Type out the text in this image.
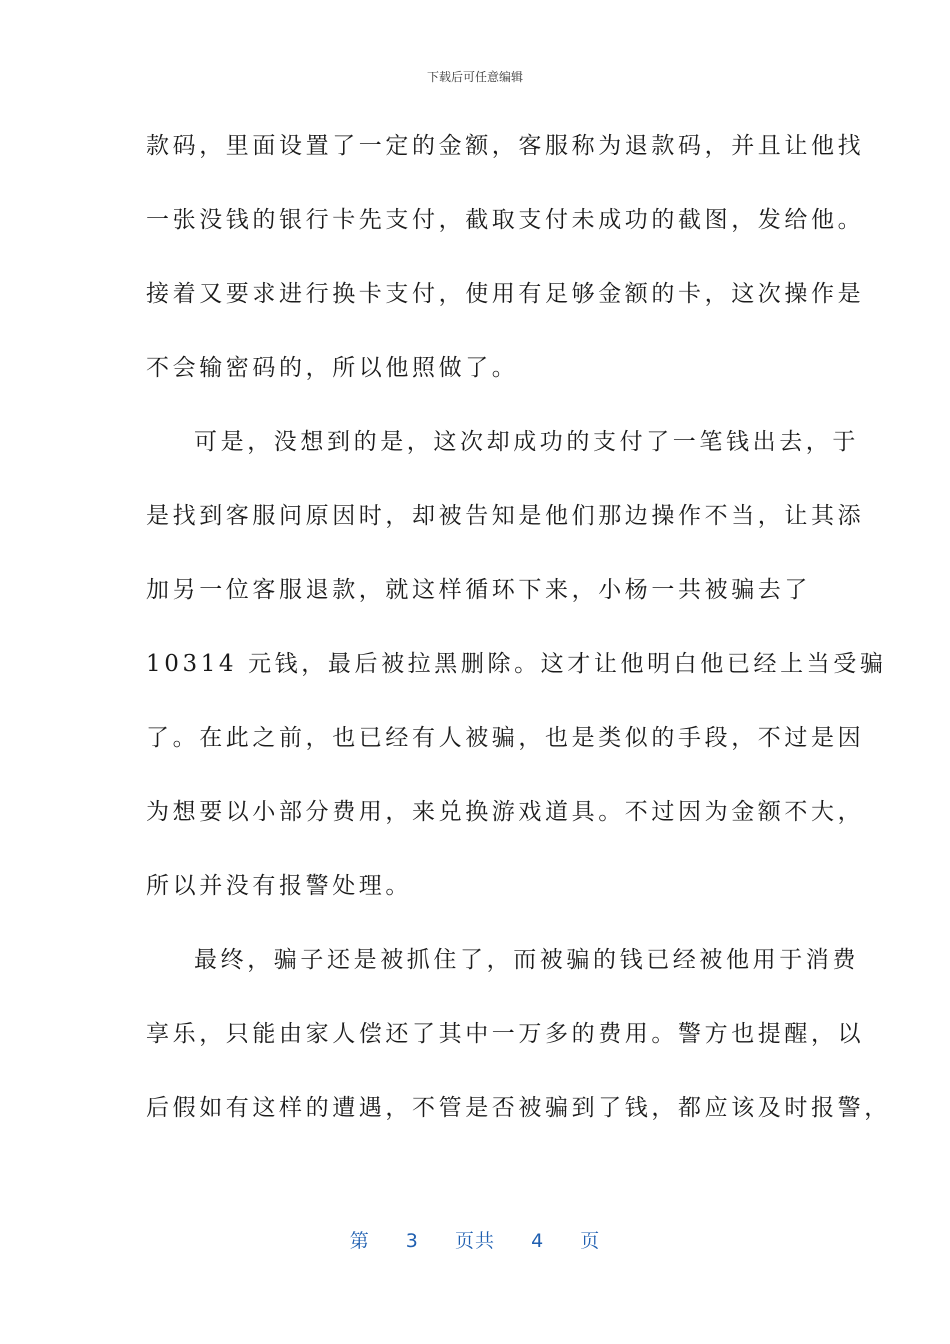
下载后可任意编辑
款码，里面设置了一定的金额，客服称为退款码，并且让他找
一张没钱的银行卡先支付，截取支付未成功的截图，发给他。
接着又要求进行换卡支付，使用有足够金额的卡，这次操作是
不会输密码的，所以他照做了。
可是，没想到的是，这次却成功的支付了一笔钱出去，于
是找到客服问原因时，却被告知是他们那边操作不当，让其添
加另一位客服退款，就这样循环下来，小杨一共被骗去了
10314 元钱，最后被拉黑删除。这才让他明白他已经上当受骗
了。在此之前，也已经有人被骗，也是类似的手段，不过是因
为想要以小部分费用，来兑换游戏道具。不过因为金额不大，
所以并没有报警处理。
最终，骗子还是被抓住了，而被骗的钱已经被他用于消费
享乐，只能由家人偿还了其中一万多的费用。警方也提醒，以
后假如有这样的遭遇，不管是否被骗到了钱，都应该及时报警，
第 3 页共 4 页
